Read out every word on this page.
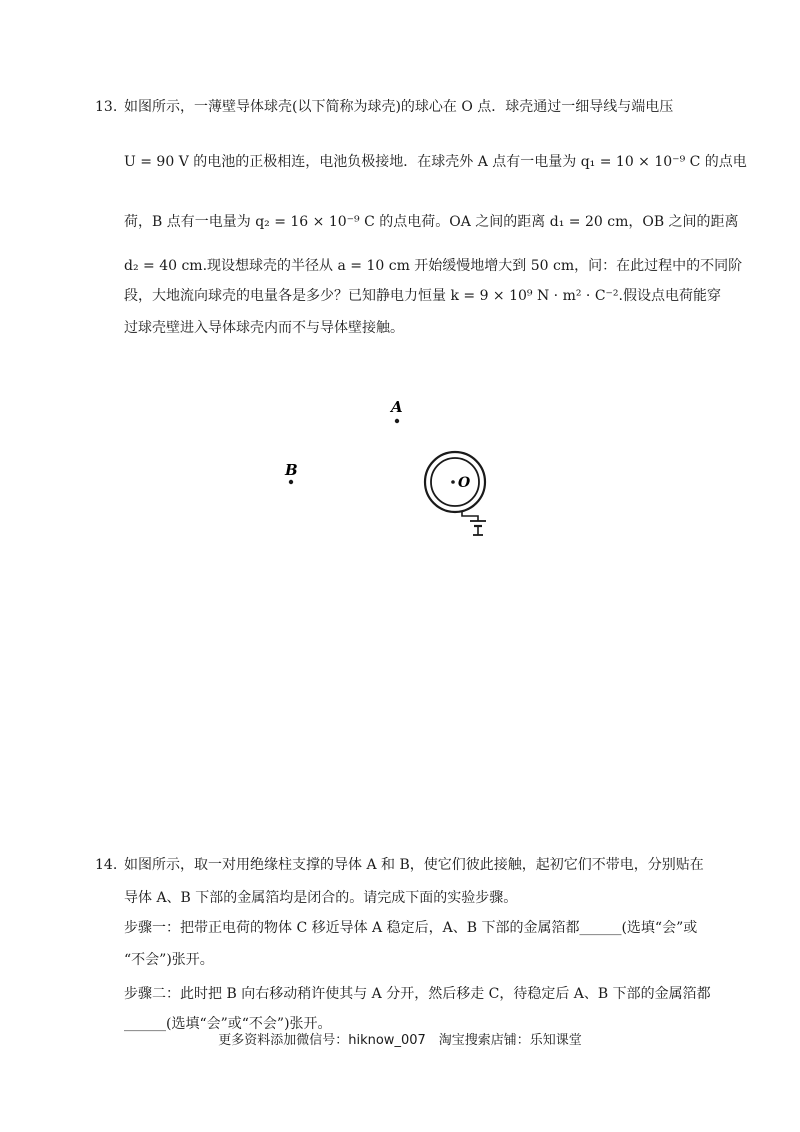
13. 如图所示，一薄壁导体球壳(以下简称为球壳)的球心在 O 点．球壳通过一细导线与端电压
U = 90 V 的电池的正极相连，电池负极接地．在球壳外 A 点有一电量为 q₁ = 10 × 10⁻⁹ C 的点电
荷，B 点有一电量为 q₂ = 16 × 10⁻⁹ C 的点电荷。OA 之间的距离 d₁ = 20 cm，OB 之间的距离
d₂ = 40 cm.现设想球壳的半径从 a = 10 cm 开始缓慢地增大到 50 cm，问：在此过程中的不同阶
段，大地流向球壳的电量各是多少？已知静电力恒量 k = 9 × 10⁹ N · m² · C⁻².假设点电荷能穿
过球壳壁进入导体球壳内而不与导体壁接触。
A
B
O
14. 如图所示，取一对用绝缘柱支撑的导体 A 和 B，使它们彼此接触，起初它们不带电，分别贴在
导体 A、B 下部的金属箔均是闭合的。请完成下面的实验步骤。
步骤一：把带正电荷的物体 C 移近导体 A 稳定后，A、B 下部的金属箔都______(选填“会”或
“不会”)张开。
步骤二：此时把 B 向右移动稍许使其与 A 分开，然后移走 C，待稳定后 A、B 下部的金属箔都
______(选填“会”或“不会”)张开。
更多资料添加微信号：hiknow_007　淘宝搜索店铺：乐知课堂
